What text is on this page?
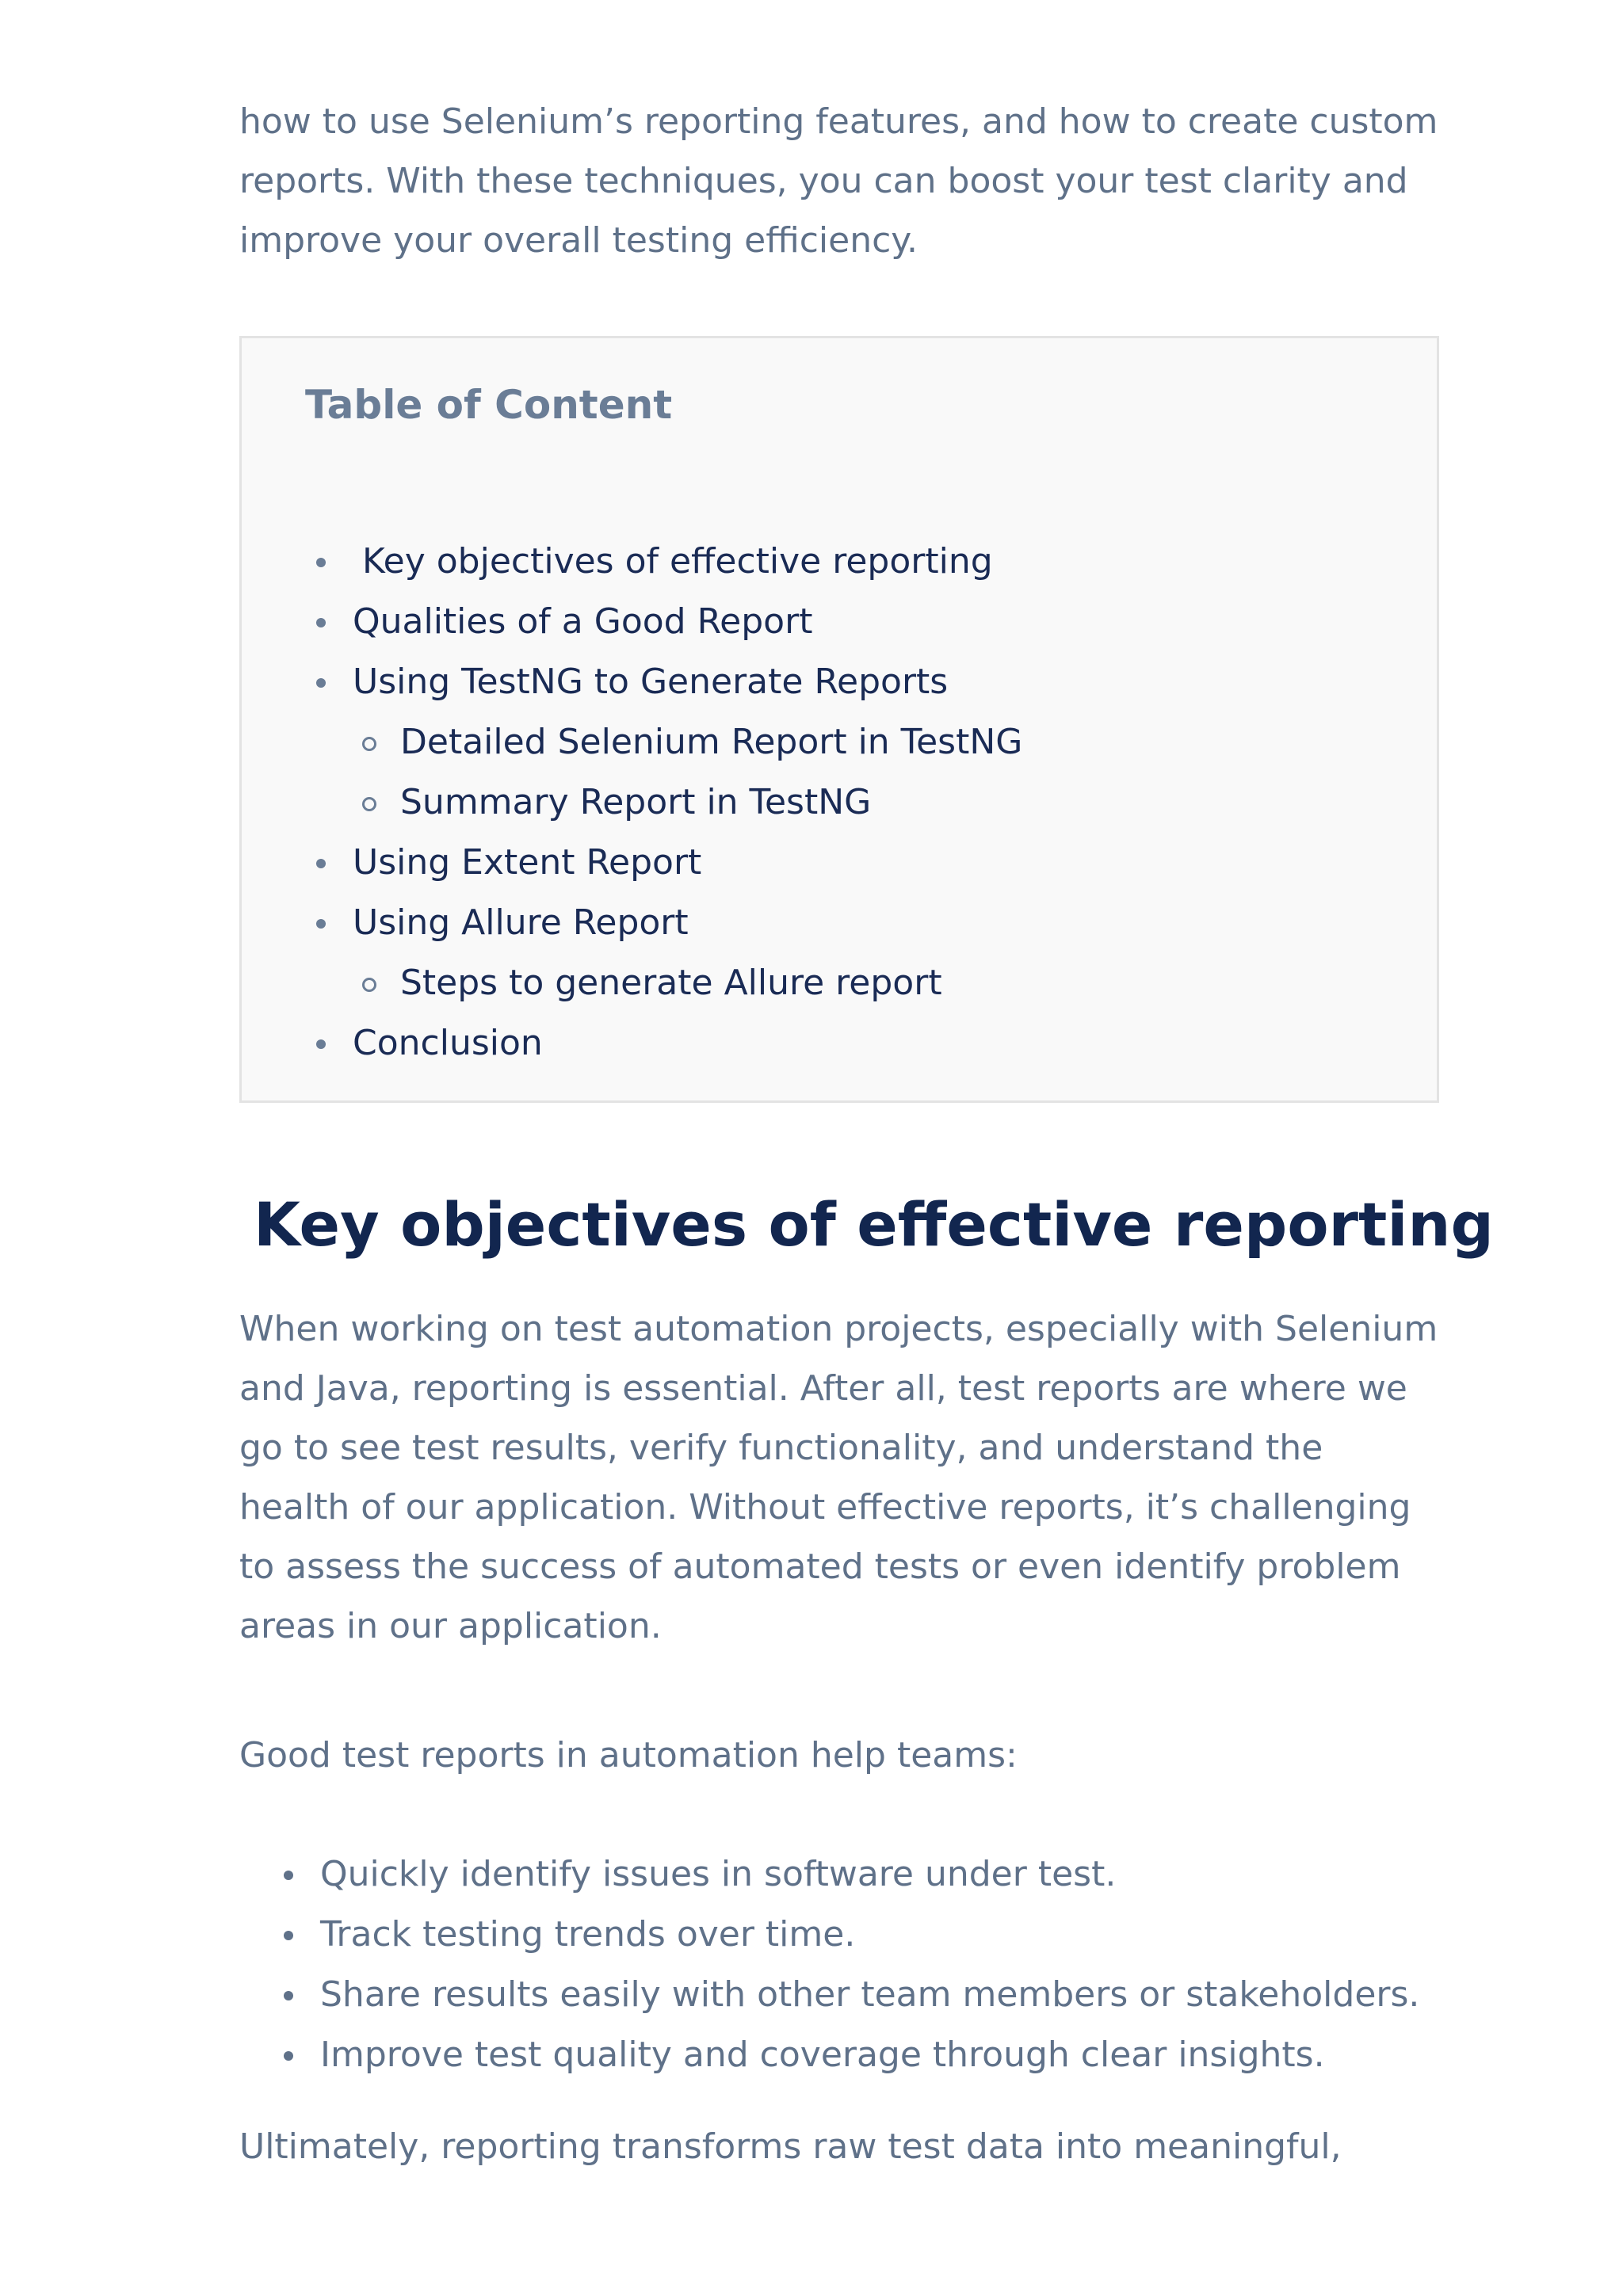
how to use Selenium’s reporting features, and how to create custom reports. With these techniques, you can boost your test clarity and improve your overall testing efficiency.

Table of Content
Key objectives of effective reporting
Qualities of a Good Report
Using TestNG to Generate Reports
Detailed Selenium Report in TestNG
Summary Report in TestNG
Using Extent Report
Using Allure Report
Steps to generate Allure report
Conclusion
Key objectives of effective reporting

When working on test automation projects, especially with Selenium and Java, reporting is essential. After all, test reports are where we go to see test results, verify functionality, and understand the health of our application. Without effective reports, it’s challenging to assess the success of automated tests or even identify problem areas in our application.

Good test reports in automation help teams:

Quickly identify issues in software under test.
Track testing trends over time.
Share results easily with other team members or stakeholders.
Improve test quality and coverage through clear insights.

Ultimately, reporting transforms raw test data into meaningful,
